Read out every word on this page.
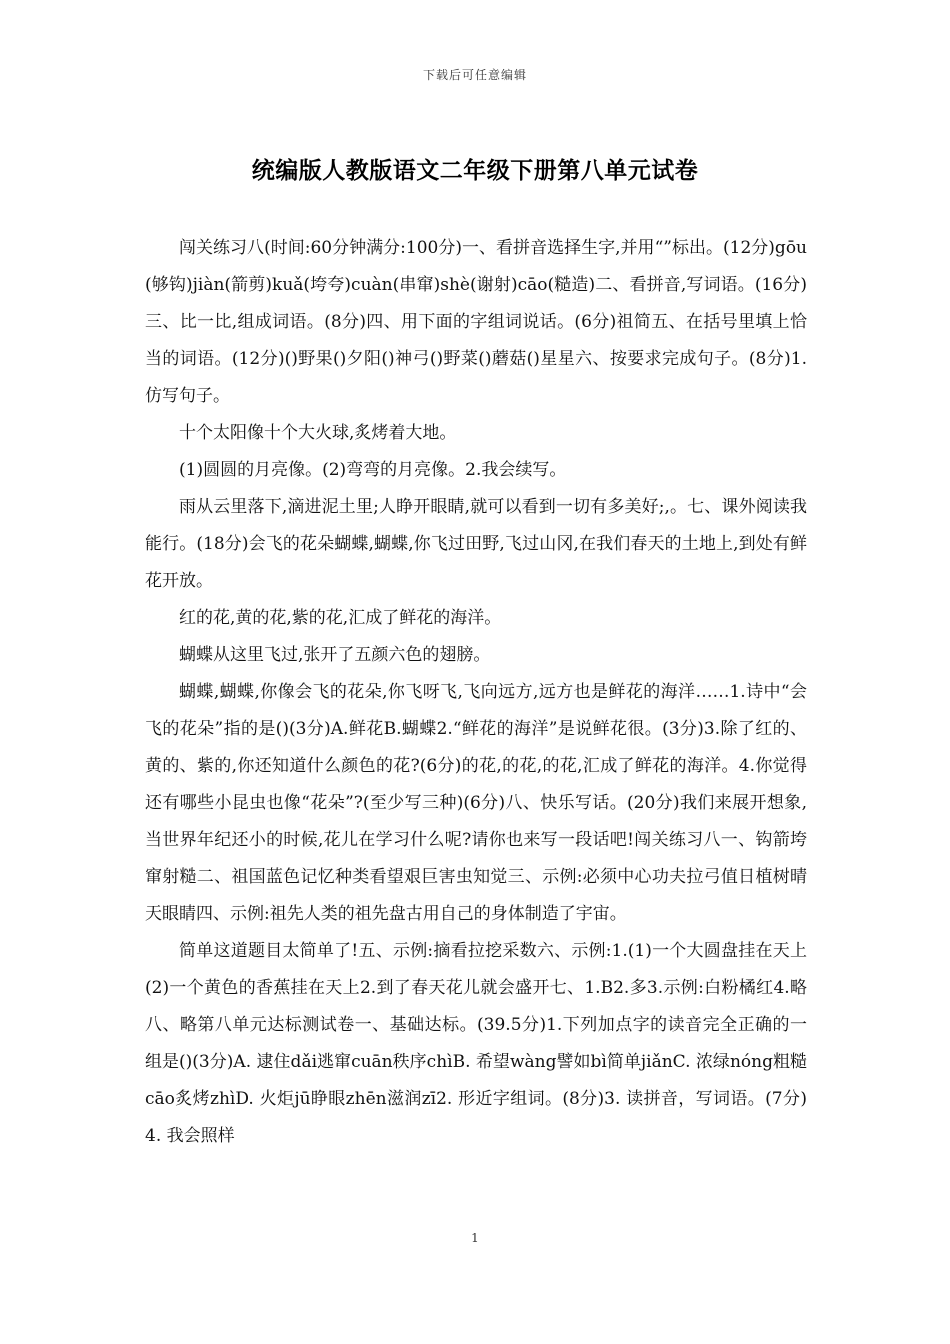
下载后可任意编辑
统编版人教版语文二年级下册第八单元试卷

闯关练习八(时间:60分钟满分:100分)一、看拼音选择生字,并用“”标出。(12分)gōu(够钩)jiàn(箭剪)kuǎ(垮夸)cuàn(串窜)shè(谢射)cāo(糙造)二、看拼音,写词语。(16分)三、比一比,组成词语。(8分)四、用下面的字组词说话。(6分)祖简五、在括号里填上恰当的词语。(12分)()野果()夕阳()神弓()野菜()蘑菇()星星六、按要求完成句子。(8分)1.仿写句子。

十个太阳像十个大火球,炙烤着大地。

(1)圆圆的月亮像。(2)弯弯的月亮像。2.我会续写。

雨从云里落下,滴进泥土里;人睁开眼睛,就可以看到一切有多美好;,。七、课外阅读我能行。(18分)会飞的花朵蝴蝶,蝴蝶,你飞过田野,飞过山冈,在我们春天的土地上,到处有鲜花开放。

红的花,黄的花,紫的花,汇成了鲜花的海洋。

蝴蝶从这里飞过,张开了五颜六色的翅膀。

蝴蝶,蝴蝶,你像会飞的花朵,你飞呀飞,飞向远方,远方也是鲜花的海洋……1.诗中“会飞的花朵”指的是()(3分)A.鲜花B.蝴蝶2.“鲜花的海洋”是说鲜花很。(3分)3.除了红的、黄的、紫的,你还知道什么颜色的花?(6分)的花,的花,的花,汇成了鲜花的海洋。4.你觉得还有哪些小昆虫也像“花朵”?(至少写三种)(6分)八、快乐写话。(20分)我们来展开想象,当世界年纪还小的时候,花儿在学习什么呢?请你也来写一段话吧!闯关练习八一、钩箭垮窜射糙二、祖国蓝色记忆种类看望艰巨害虫知觉三、示例:必须中心功夫拉弓值日植树晴天眼睛四、示例:祖先人类的祖先盘古用自己的身体制造了宇宙。

简单这道题目太简单了!五、示例:摘看拉挖采数六、示例:1.(1)一个大圆盘挂在天上(2)一个黄色的香蕉挂在天上2.到了春天花儿就会盛开七、1.B2.多3.示例:白粉橘红4.略八、略第八单元达标测试卷一、基础达标。(39.5分)1.下列加点字的读音完全正确的一组是()(3分)A. 逮住dǎi逃窜cuān秩序chìB. 希望wàng譬如bì简单jiǎnC. 浓绿nóng粗糙cāo炙烤zhìD. 火炬jū睁眼zhēn滋润zī2. 形近字组词。(8分)3. 读拼音，写词语。(7分)4. 我会照样

1
